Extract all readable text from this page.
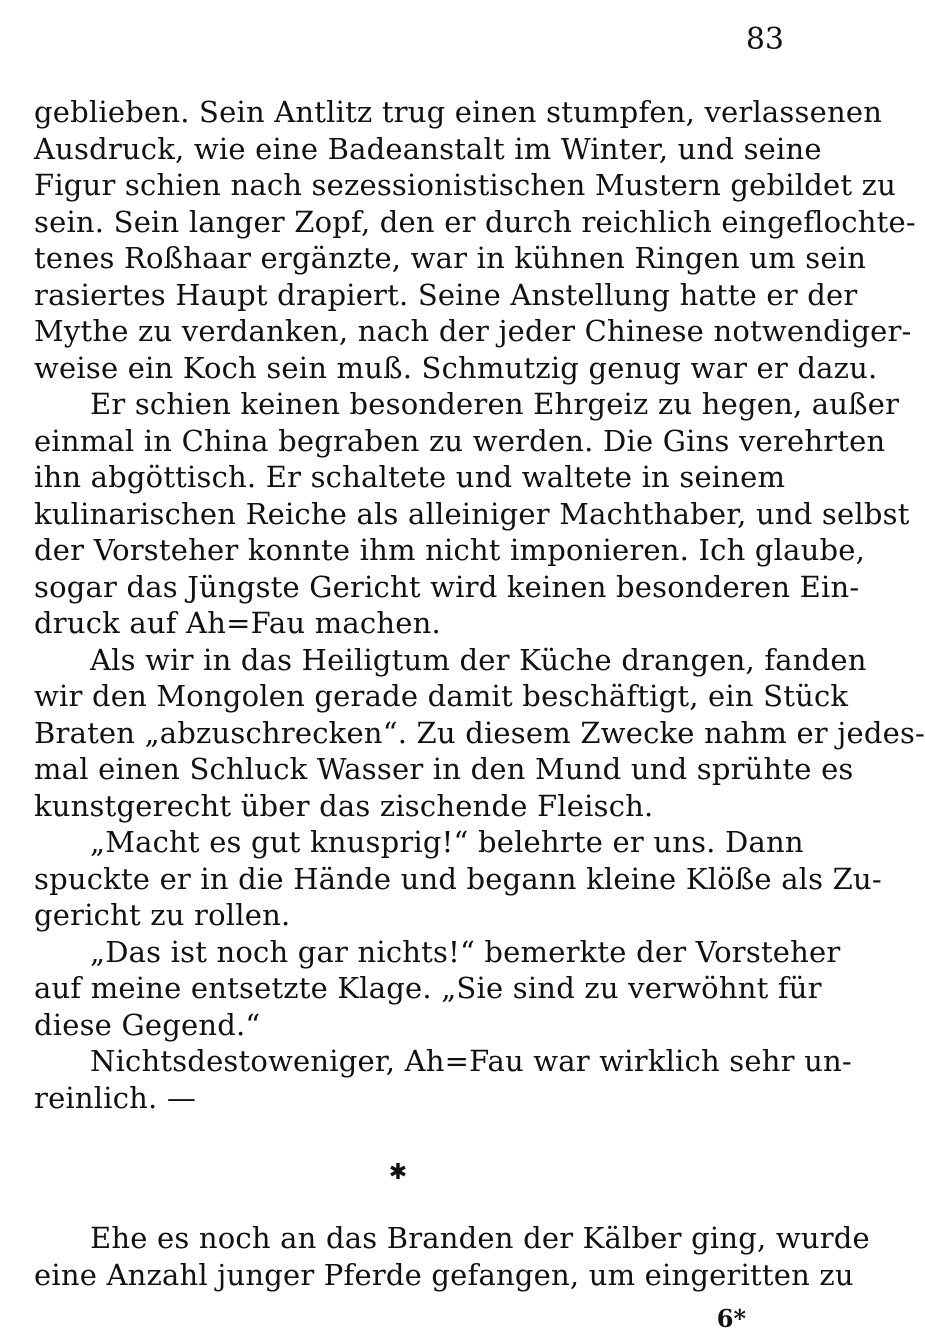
83
geblieben. Sein Antlitz trug einen stumpfen, verlassenen
Ausdruck, wie eine Badeanstalt im Winter, und seine
Figur schien nach sezessionistischen Mustern gebildet zu
sein. Sein langer Zopf, den er durch reichlich eingeflochte-
tenes Roßhaar ergänzte, war in kühnen Ringen um sein
rasiertes Haupt drapiert. Seine Anstellung hatte er der
Mythe zu verdanken, nach der jeder Chinese notwendiger-
weise ein Koch sein muß. Schmutzig genug war er dazu.
Er schien keinen besonderen Ehrgeiz zu hegen, außer
einmal in China begraben zu werden. Die Gins verehrten
ihn abgöttisch. Er schaltete und waltete in seinem
kulinarischen Reiche als alleiniger Machthaber, und selbst
der Vorsteher konnte ihm nicht imponieren. Ich glaube,
sogar das Jüngste Gericht wird keinen besonderen Ein-
druck auf Ah=Fau machen.
Als wir in das Heiligtum der Küche drangen, fanden
wir den Mongolen gerade damit beschäftigt, ein Stück
Braten „abzuschrecken“. Zu diesem Zwecke nahm er jedes-
mal einen Schluck Wasser in den Mund und sprühte es
kunstgerecht über das zischende Fleisch.
„Macht es gut knusprig!“ belehrte er uns. Dann
spuckte er in die Hände und begann kleine Klöße als Zu-
gericht zu rollen.
„Das ist noch gar nichts!“ bemerkte der Vorsteher
auf meine entsetzte Klage. „Sie sind zu verwöhnt für
diese Gegend.“
Nichtsdestoweniger, Ah=Fau war wirklich sehr un-
reinlich. —
✱
Ehe es noch an das Branden der Kälber ging, wurde
eine Anzahl junger Pferde gefangen, um eingeritten zu
6*
